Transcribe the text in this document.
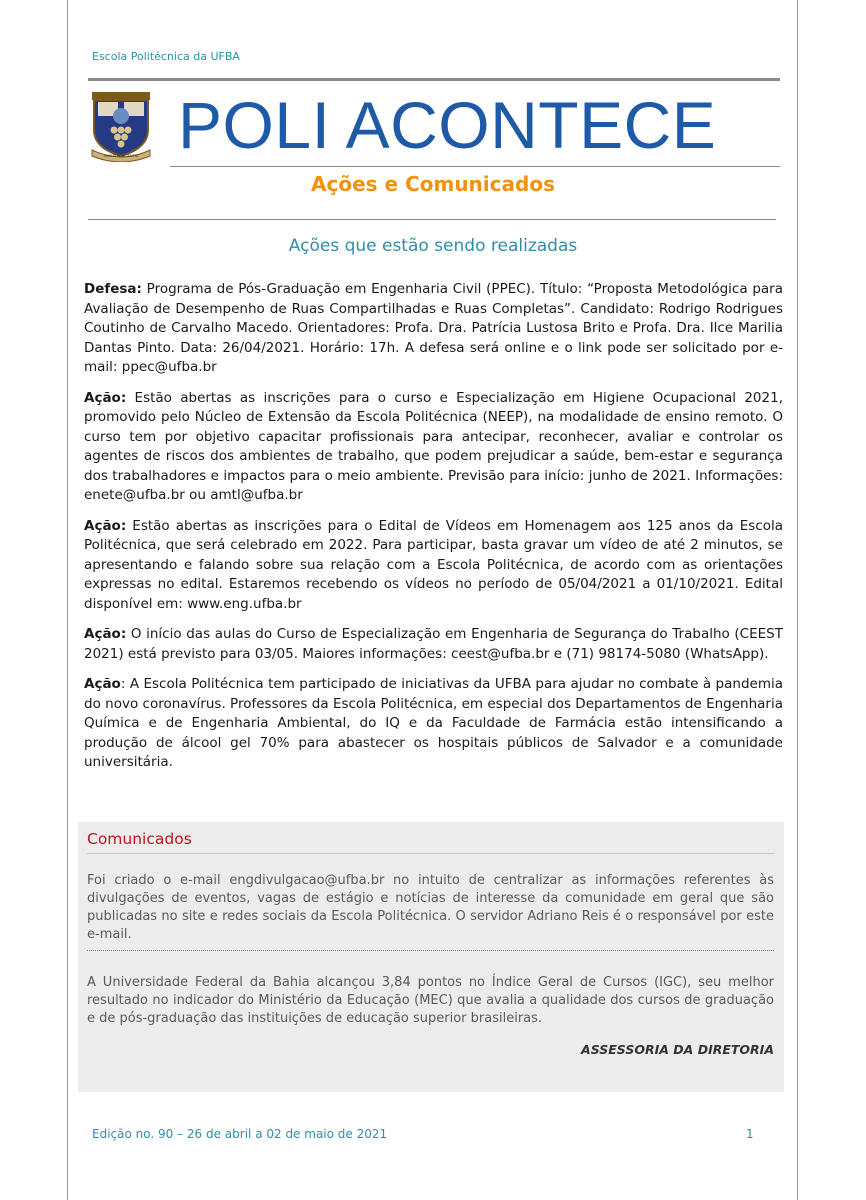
Escola Politécnica da UFBA
VERITATE SCIENTIA POLI ACONTECE
Ações e Comunicados
Ações que estão sendo realizadas

Defesa: Programa de Pós-Graduação em Engenharia Civil (PPEC). Título: “Proposta Metodológica para Avaliação de Desempenho de Ruas Compartilhadas e Ruas Completas”. Candidato: Rodrigo Rodrigues Coutinho de Carvalho Macedo. Orientadores: Profa. Dra. Patrícia Lustosa Brito e Profa. Dra. Ilce Marilia Dantas Pinto. Data: 26/04/2021. Horário: 17h. A defesa será online e o link pode ser solicitado por e-mail: ppec@ufba.br

Ação: Estão abertas as inscrições para o curso e Especialização em Higiene Ocupacional 2021, promovido pelo Núcleo de Extensão da Escola Politécnica (NEEP), na modalidade de ensino remoto. O curso tem por objetivo capacitar profissionais para antecipar, reconhecer, avaliar e controlar os agentes de riscos dos ambientes de trabalho, que podem prejudicar a saúde, bem-estar e segurança dos trabalhadores e impactos para o meio ambiente. Previsão para início: junho de 2021. Informações: enete@ufba.br ou amtl@ufba.br

Ação: Estão abertas as inscrições para o Edital de Vídeos em Homenagem aos 125 anos da Escola Politécnica, que será celebrado em 2022. Para participar, basta gravar um vídeo de até 2 minutos, se apresentando e falando sobre sua relação com a Escola Politécnica, de acordo com as orientações expressas no edital. Estaremos recebendo os vídeos no período de 05/04/2021 a 01/10/2021. Edital disponível em: www.eng.ufba.br

Ação: O início das aulas do Curso de Especialização em Engenharia de Segurança do Trabalho (CEEST 2021) está previsto para 03/05. Maiores informações: ceest@ufba.br e (71) 98174-5080 (WhatsApp).

Ação: A Escola Politécnica tem participado de iniciativas da UFBA para ajudar no combate à pandemia do novo coronavírus. Professores da Escola Politécnica, em especial dos Departamentos de Engenharia Química e de Engenharia Ambiental, do IQ e da Faculdade de Farmácia estão intensificando a produção de álcool gel 70% para abastecer os hospitais públicos de Salvador e a comunidade universitária.

Comunicados
Foi criado o e-mail engdivulgacao@ufba.br no intuito de centralizar as informações referentes às divulgações de eventos, vagas de estágio e notícias de interesse da comunidade em geral que são publicadas no site e redes sociais da Escola Politécnica. O servidor Adriano Reis é o responsável por este e-mail.
A Universidade Federal da Bahia alcançou 3,84 pontos no Índice Geral de Cursos (IGC), seu melhor resultado no indicador do Ministério da Educação (MEC) que avalia a qualidade dos cursos de graduação e de pós-graduação das instituições de educação superior brasileiras.
ASSESSORIA DA DIRETORIA
Edição no. 90 – 26 de abril a 02 de maio de 2021	1
